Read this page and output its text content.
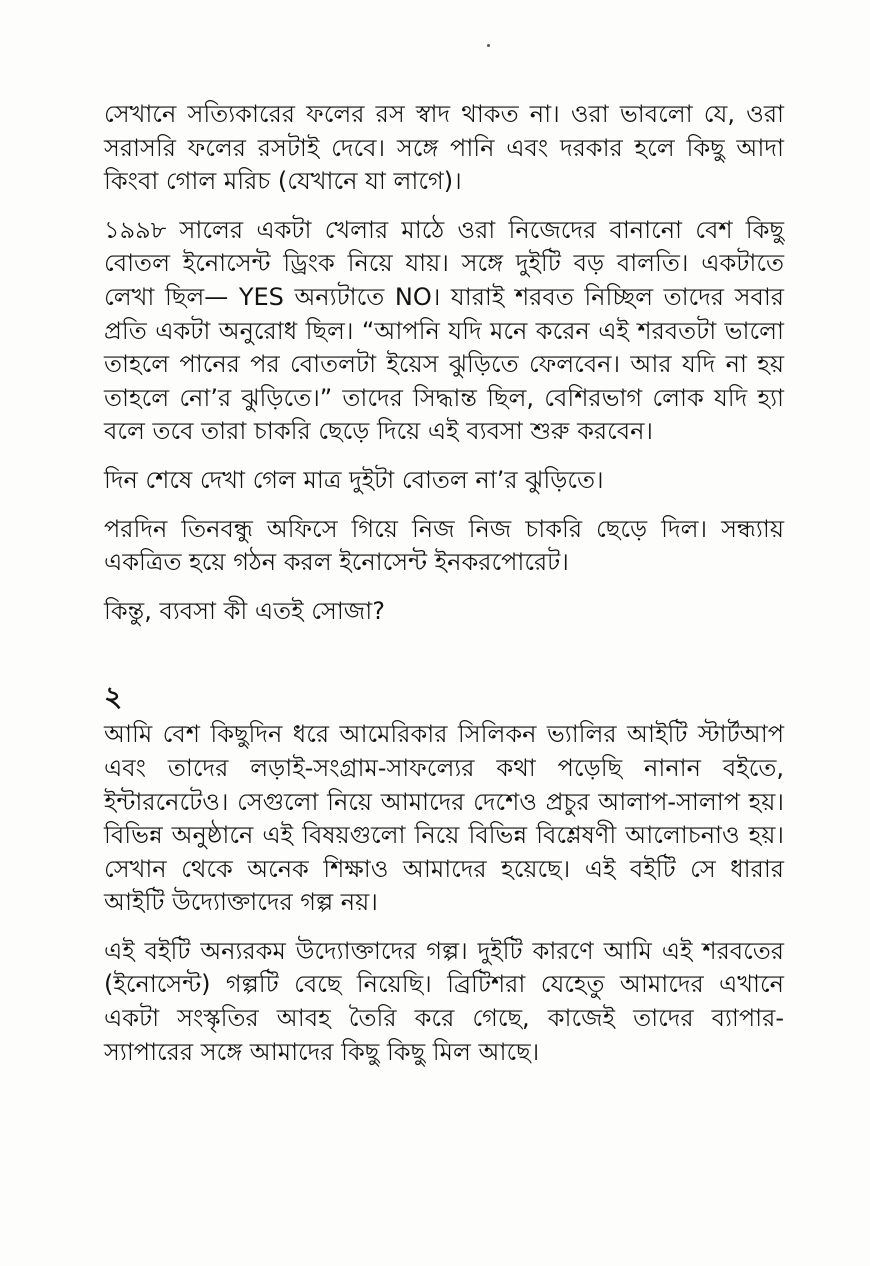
সেখানে সত্যিকারের ফলের রস স্বাদ থাকত না। ওরা ভাবলো যে, ওরা সরাসরি ফলের রসটাই দেবে। সঙ্গে পানি এবং দরকার হলে কিছু আদা কিংবা গোল মরিচ (যেখানে যা লাগে)।

১৯৯৮ সালের একটা খেলার মাঠে ওরা নিজেদের বানানো বেশ কিছু বোতল ইনোসেন্ট ড্রিংক নিয়ে যায়। সঙ্গে দুইটি বড় বালতি। একটাতে লেখা ছিল— YES অন্যটাতে NO। যারাই শরবত নিচ্ছিল তাদের সবার প্রতি একটা অনুরোধ ছিল। “আপনি যদি মনে করেন এই শরবতটা ভালো তাহলে পানের পর বোতলটা ইয়েস ঝুড়িতে ফেলবেন। আর যদি না হয় তাহলে নো’র ঝুড়িতে।” তাদের সিদ্ধান্ত ছিল, বেশিরভাগ লোক যদি হ্যা বলে তবে তারা চাকরি ছেড়ে দিয়ে এই ব্যবসা শুরু করবেন।

দিন শেষে দেখা গেল মাত্র দুইটা বোতল না’র ঝুড়িতে।

পরদিন তিনবন্ধু অফিসে গিয়ে নিজ নিজ চাকরি ছেড়ে দিল। সন্ধ্যায় একত্রিত হয়ে গঠন করল ইনোসেন্ট ইনকরপোরেট।

কিন্তু, ব্যবসা কী এতই সোজা?

২

আমি বেশ কিছুদিন ধরে আমেরিকার সিলিকন ভ্যালির আইটি স্টার্টআপ এবং তাদের লড়াই-সংগ্রাম-সাফল্যের কথা পড়েছি নানান বইতে, ইন্টারনেটেও। সেগুলো নিয়ে আমাদের দেশেও প্রচুর আলাপ-সালাপ হয়। বিভিন্ন অনুষ্ঠানে এই বিষয়গুলো নিয়ে বিভিন্ন বিশ্লেষণী আলোচনাও হয়। সেখান থেকে অনেক শিক্ষাও আমাদের হয়েছে। এই বইটি সে ধারার আইটি উদ্যোক্তাদের গল্প নয়।

এই বইটি অন্যরকম উদ্যোক্তাদের গল্প। দুইটি কারণে আমি এই শরবতের (ইনোসেন্ট) গল্পটি বেছে নিয়েছি। ব্রিটিশরা যেহেতু আমাদের এখানে একটা সংস্কৃতির আবহ তৈরি করে গেছে, কাজেই তাদের ব্যাপার-স্যাপারের সঙ্গে আমাদের কিছু কিছু মিল আছে।
